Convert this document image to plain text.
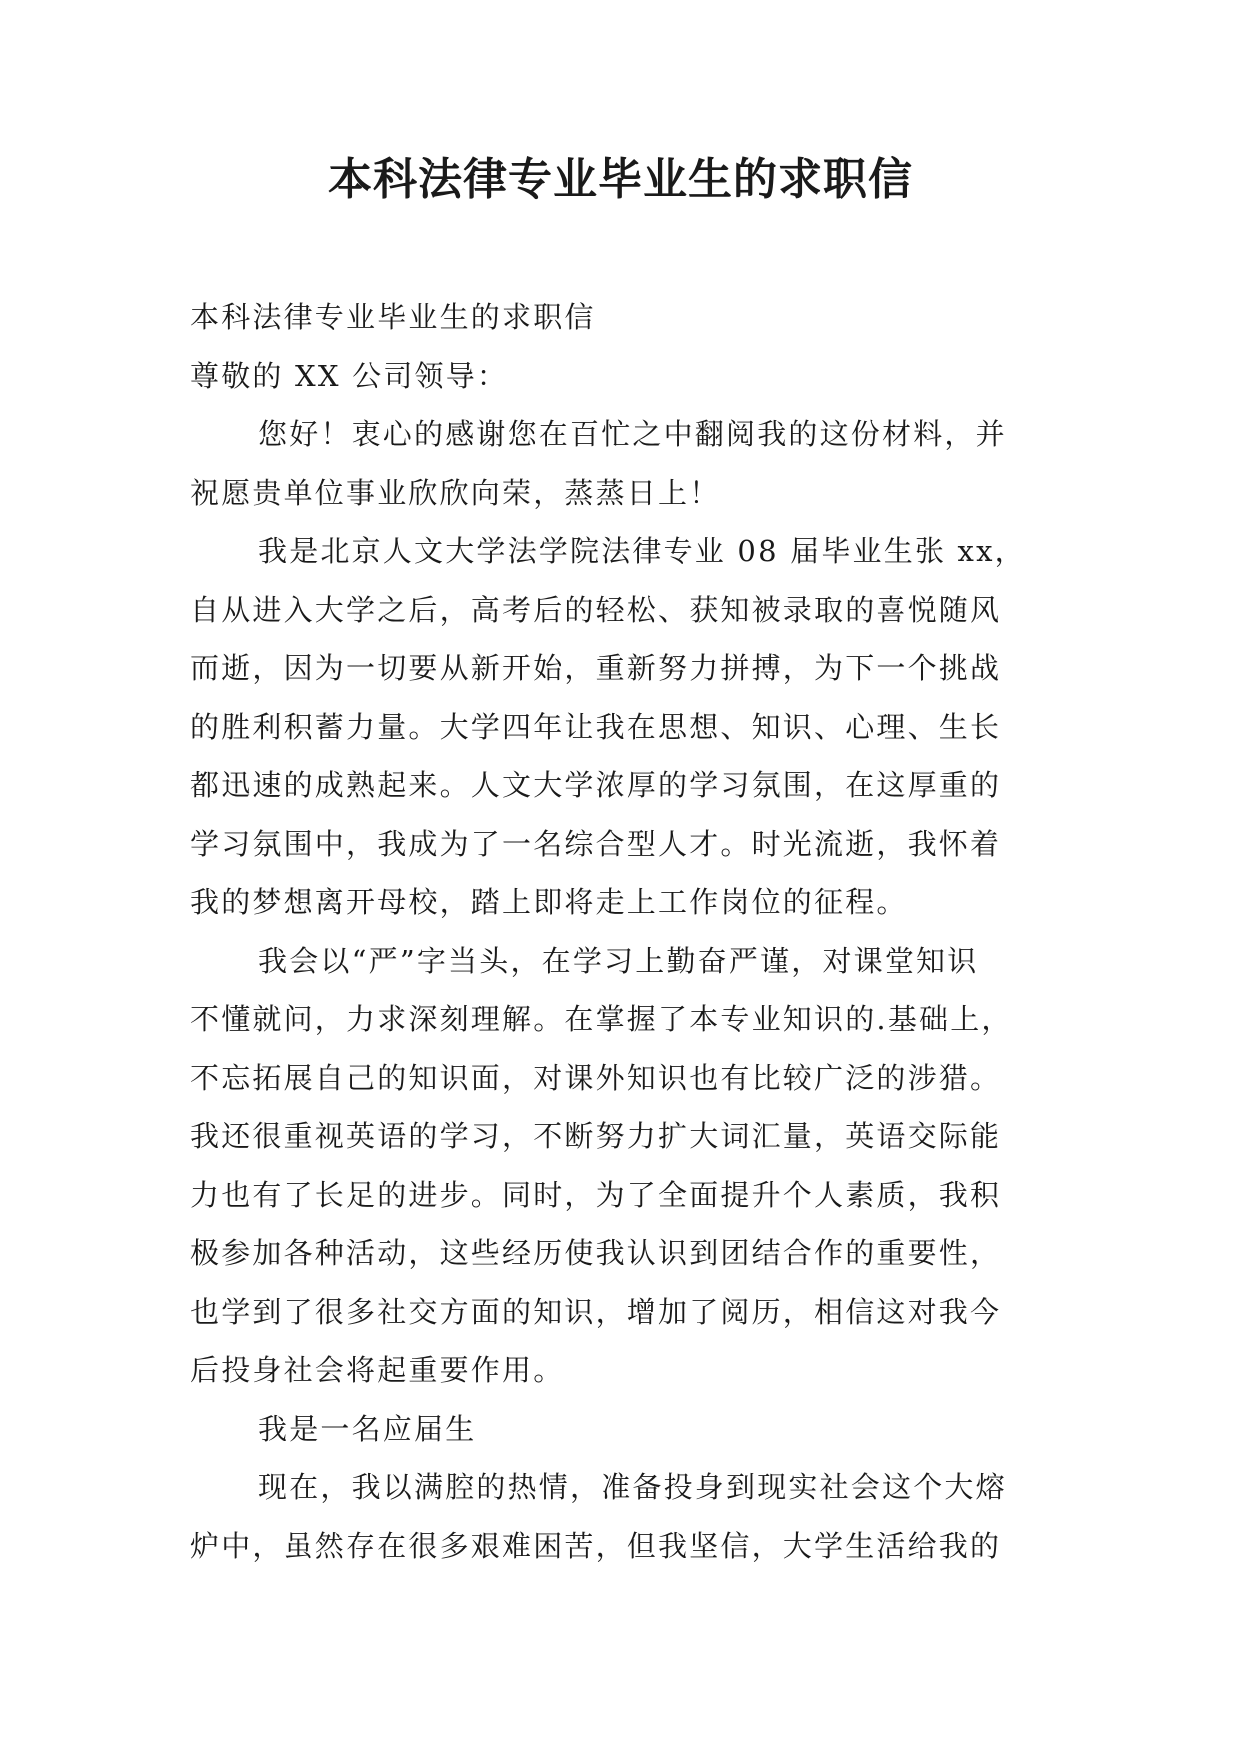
本科法律专业毕业生的求职信
本科法律专业毕业生的求职信
尊敬的 XX 公司领导：
您好！衷心的感谢您在百忙之中翻阅我的这份材料，并
祝愿贵单位事业欣欣向荣，蒸蒸日上！
我是北京人文大学法学院法律专业 08 届毕业生张 xx，
自从进入大学之后，高考后的轻松、获知被录取的喜悦随风
而逝，因为一切要从新开始，重新努力拼搏，为下一个挑战
的胜利积蓄力量。大学四年让我在思想、知识、心理、生长
都迅速的成熟起来。人文大学浓厚的学习氛围，在这厚重的
学习氛围中，我成为了一名综合型人才。时光流逝，我怀着
我的梦想离开母校，踏上即将走上工作岗位的征程。
我会以“严”字当头，在学习上勤奋严谨，对课堂知识
不懂就问，力求深刻理解。在掌握了本专业知识的.基础上，
不忘拓展自己的知识面，对课外知识也有比较广泛的涉猎。
我还很重视英语的学习，不断努力扩大词汇量，英语交际能
力也有了长足的进步。同时，为了全面提升个人素质，我积
极参加各种活动，这些经历使我认识到团结合作的重要性，
也学到了很多社交方面的知识，增加了阅历，相信这对我今
后投身社会将起重要作用。
我是一名应届生
现在，我以满腔的热情，准备投身到现实社会这个大熔
炉中，虽然存在很多艰难困苦，但我坚信，大学生活给我的
